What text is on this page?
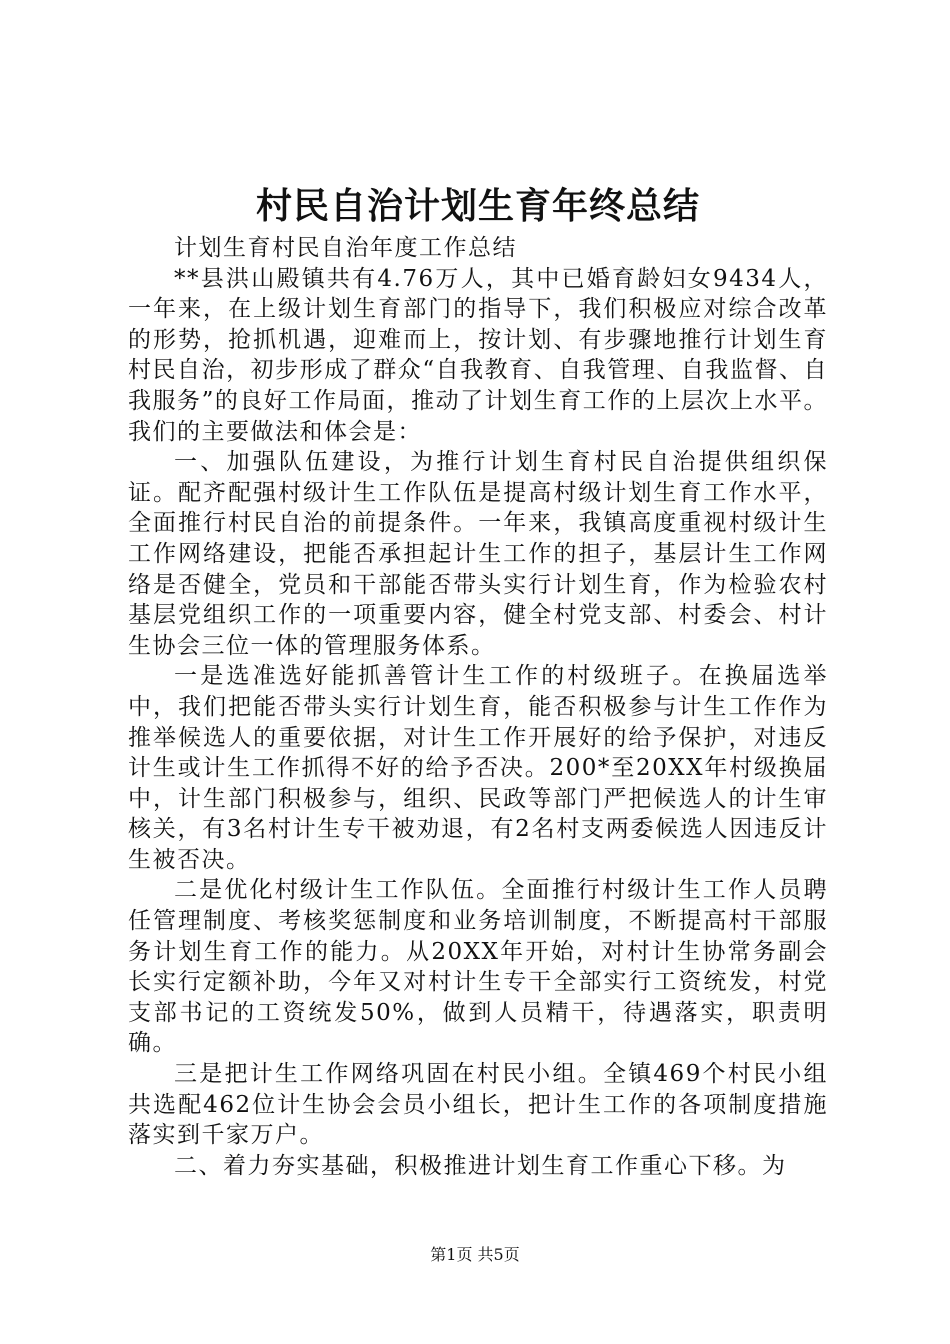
村民自治计划生育年终总结

计划生育村民自治年度工作总结

**县洪山殿镇共有4.76万人，其中已婚育龄妇女9434人，一年来，在上级计划生育部门的指导下，我们积极应对综合改革的形势，抢抓机遇，迎难而上，按计划、有步骤地推行计划生育村民自治，初步形成了群众“自我教育、自我管理、自我监督、自我服务”的良好工作局面，推动了计划生育工作的上层次上水平。我们的主要做法和体会是：

一、加强队伍建设，为推行计划生育村民自治提供组织保证。配齐配强村级计生工作队伍是提高村级计划生育工作水平，全面推行村民自治的前提条件。一年来，我镇高度重视村级计生工作网络建设，把能否承担起计生工作的担子，基层计生工作网络是否健全，党员和干部能否带头实行计划生育，作为检验农村基层党组织工作的一项重要内容，健全村党支部、村委会、村计生协会三位一体的管理服务体系。

一是选准选好能抓善管计生工作的村级班子。在换届选举中，我们把能否带头实行计划生育，能否积极参与计生工作作为推举候选人的重要依据，对计生工作开展好的给予保护，对违反计生或计生工作抓得不好的给予否决。200*至20XX年村级换届中，计生部门积极参与，组织、民政等部门严把候选人的计生审核关，有3名村计生专干被劝退，有2名村支两委候选人因违反计生被否决。

二是优化村级计生工作队伍。全面推行村级计生工作人员聘任管理制度、考核奖惩制度和业务培训制度，不断提高村干部服务计划生育工作的能力。从20XX年开始，对村计生协常务副会长实行定额补助，今年又对村计生专干全部实行工资统发，村党支部书记的工资统发50%，做到人员精干，待遇落实，职责明确。

三是把计生工作网络巩固在村民小组。全镇469个村民小组共选配462位计生协会会员小组长，把计生工作的各项制度措施落实到千家万户。

二、着力夯实基础，积极推进计划生育工作重心下移。为

第1页 共5页
